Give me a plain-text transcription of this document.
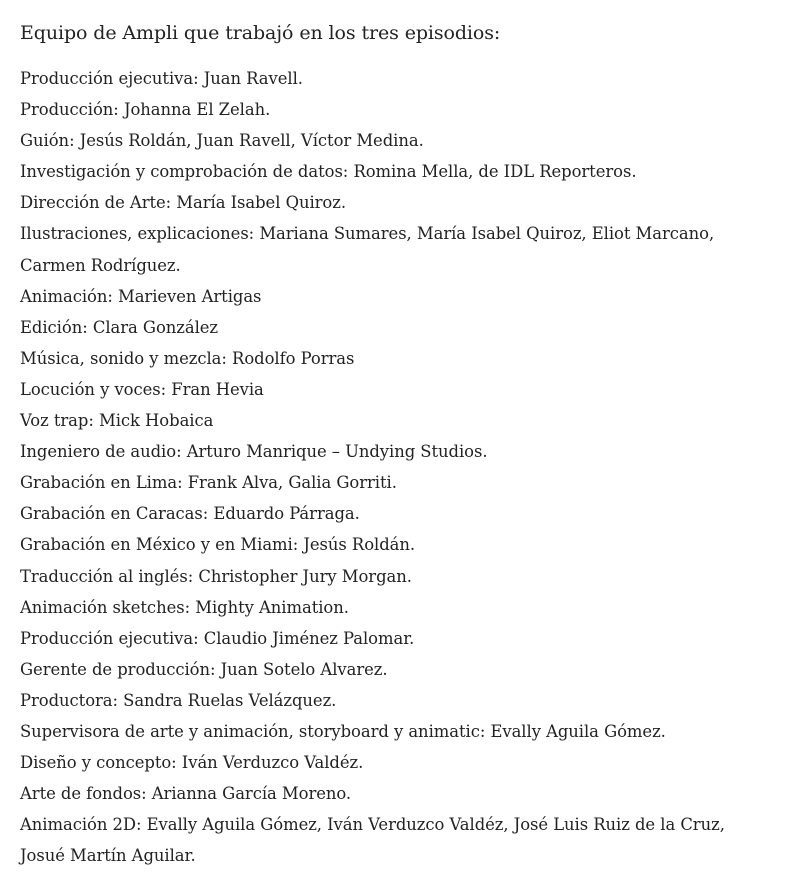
Equipo de Ampli que trabajó en los tres episodios:
Producción ejecutiva: Juan Ravell.
Producción: Johanna El Zelah.
Guión: Jesús Roldán, Juan Ravell, Víctor Medina.
Investigación y comprobación de datos: Romina Mella, de IDL Reporteros.
Dirección de Arte: María Isabel Quiroz.
Ilustraciones, explicaciones: Mariana Sumares, María Isabel Quiroz, Eliot Marcano,
Carmen Rodríguez.
Animación: Marieven Artigas
Edición: Clara González
Música, sonido y mezcla: Rodolfo Porras
Locución y voces: Fran Hevia
Voz trap: Mick Hobaica
Ingeniero de audio: Arturo Manrique – Undying Studios.
Grabación en Lima: Frank Alva, Galia Gorriti.
Grabación en Caracas: Eduardo Párraga.
Grabación en México y en Miami: Jesús Roldán.
Traducción al inglés: Christopher Jury Morgan.
Animación sketches: Mighty Animation.
Producción ejecutiva: Claudio Jiménez Palomar.
Gerente de producción: Juan Sotelo Alvarez.
Productora: Sandra Ruelas Velázquez.
Supervisora de arte y animación, storyboard y animatic: Evally Aguila Gómez.
Diseño y concepto: Iván Verduzco Valdéz.
Arte de fondos: Arianna García Moreno.
Animación 2D: Evally Aguila Gómez, Iván Verduzco Valdéz, José Luis Ruiz de la Cruz,
Josué Martín Aguilar.
